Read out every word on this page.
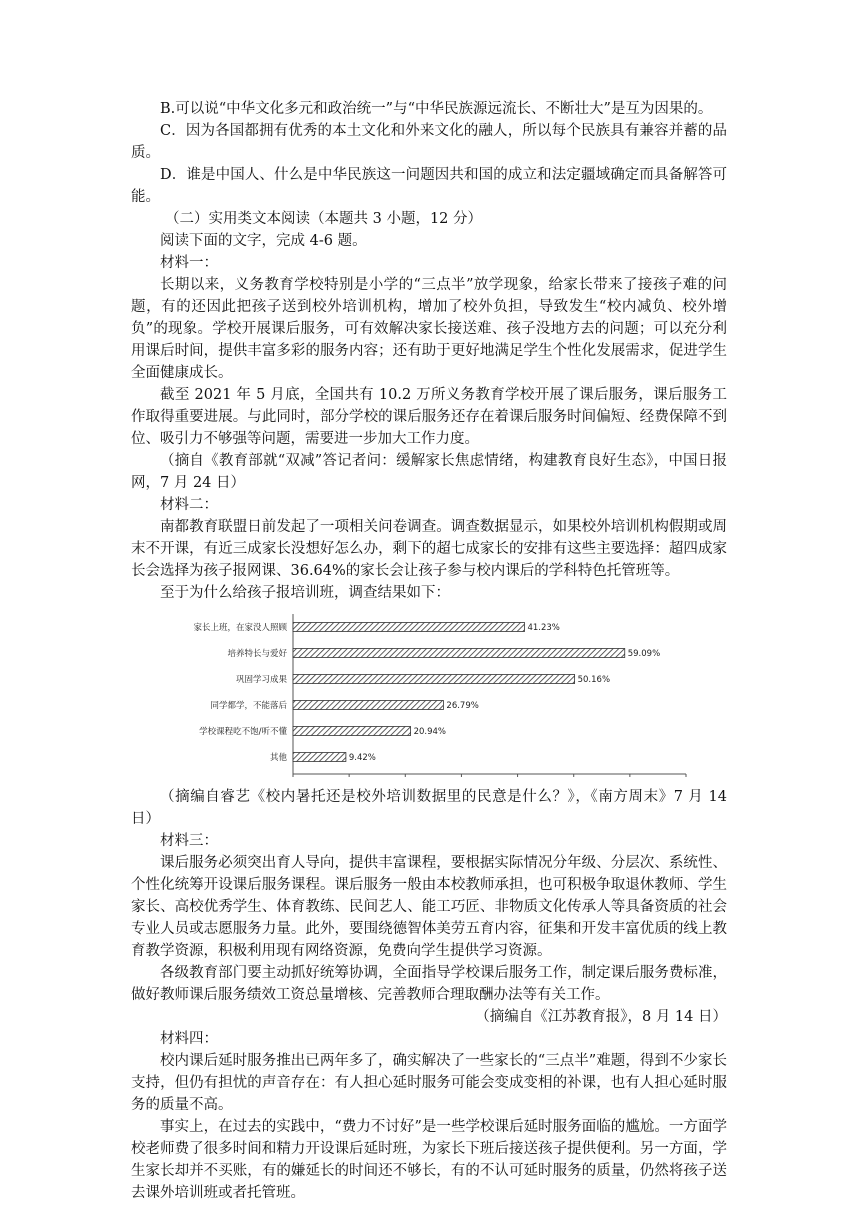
B.可以说“中华文化多元和政治统一”与“中华民族源远流长、不断壮大”是互为因果的。

C．因为各国都拥有优秀的本土文化和外来文化的融人，所以每个民族具有兼容并蓄的品质。

D．谁是中国人、什么是中华民族这一问题因共和国的成立和法定疆域确定而具备解答可能。

（二）实用类文本阅读（本题共 3 小题，12 分）

阅读下面的文字，完成 4-6 题。

材料一：

长期以来，义务教育学校特别是小学的“三点半”放学现象，给家长带来了接孩子难的问题，有的还因此把孩子送到校外培训机构，增加了校外负担，导致发生“校内减负、校外增负”的现象。学校开展课后服务，可有效解决家长接送难、孩子没地方去的问题；可以充分利用课后时间，提供丰富多彩的服务内容；还有助于更好地满足学生个性化发展需求，促进学生全面健康成长。

截至 2021 年 5 月底，全国共有 10.2 万所义务教育学校开展了课后服务，课后服务工作取得重要进展。与此同时，部分学校的课后服务还存在着课后服务时间偏短、经费保障不到位、吸引力不够强等问题，需要进一步加大工作力度。

（摘自《教育部就“双减”答记者问：缓解家长焦虑情绪，构建教育良好生态》，中国日报网，7 月 24 日）

材料二：

南都教育联盟日前发起了一项相关问卷调查。调查数据显示，如果校外培训机构假期或周末不开课，有近三成家长没想好怎么办，剩下的超七成家长的安排有这些主要选择：超四成家长会选择为孩子报网课、36.64%的家长会让孩子参与校内课后的学科特色托管班等。

至于为什么给孩子报培训班，调查结果如下：

家长上班，在家没人照顾	41.23%
培养特长与爱好	59.09%
巩固学习成果	50.16%
同学都学，不能落后	26.79%
学校课程吃不饱/听不懂	20.94%
其他	9.42%

（摘编自睿艺《校内暑托还是校外培训数据里的民意是什么？》，《南方周末》7 月 14 日）

材料三：

课后服务必须突出育人导向，提供丰富课程，要根据实际情况分年级、分层次、系统性、个性化统筹开设课后服务课程。课后服务一般由本校教师承担，也可积极争取退休教师、学生家长、高校优秀学生、体育教练、民间艺人、能工巧匠、非物质文化传承人等具备资质的社会专业人员或志愿服务力量。此外，要围绕德智体美劳五育内容，征集和开发丰富优质的线上教育教学资源，积极利用现有网络资源，免费向学生提供学习资源。

各级教育部门要主动抓好统筹协调，全面指导学校课后服务工作，制定课后服务费标准，做好教师课后服务绩效工资总量增核、完善教师合理取酬办法等有关工作。

（摘编自《江苏教育报》，8 月 14 日）

材料四：

校内课后延时服务推出已两年多了，确实解决了一些家长的“三点半”难题，得到不少家长支持，但仍有担忧的声音存在：有人担心延时服务可能会变成变相的补课，也有人担心延时服务的质量不高。

事实上，在过去的实践中，“费力不讨好”是一些学校课后延时服务面临的尴尬。一方面学校老师费了很多时间和精力开设课后延时班，为家长下班后接送孩子提供便利。另一方面，学生家长却并不买账，有的嫌延长的时间还不够长，有的不认可延时服务的质量，仍然将孩子送去课外培训班或者托管班。
